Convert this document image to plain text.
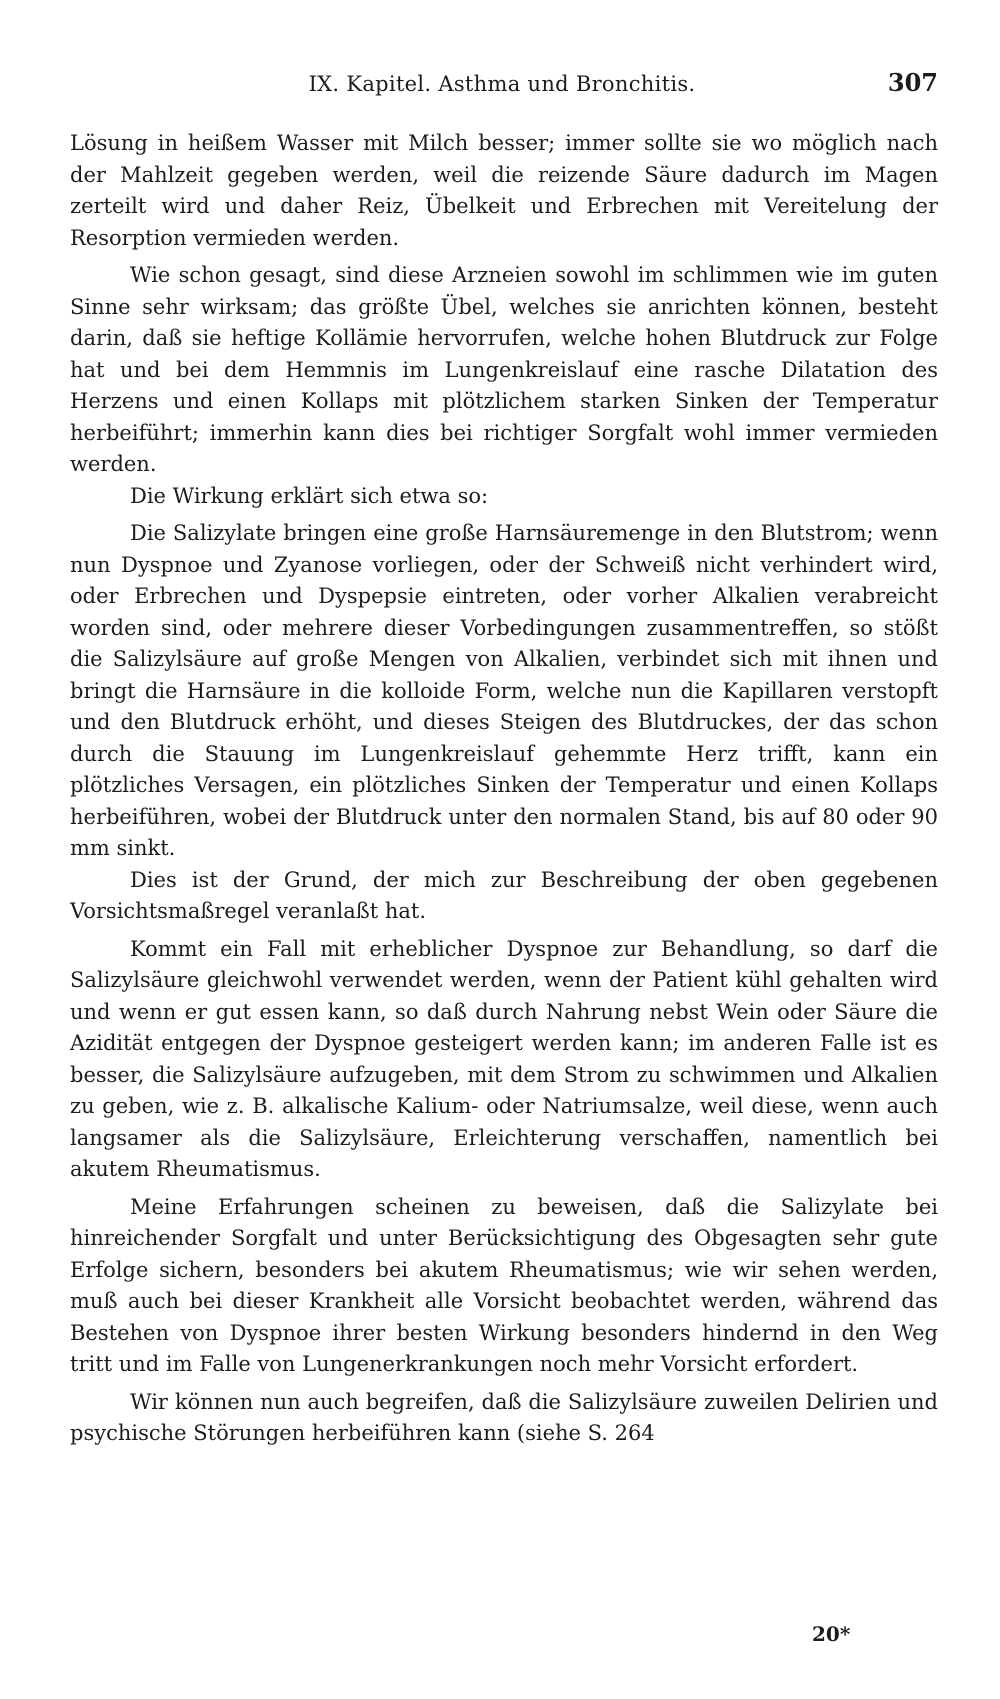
IX. Kapitel. Asthma und Bronchitis.	307

Lösung in heißem Wasser mit Milch besser; immer sollte sie wo möglich nach der Mahlzeit gegeben werden, weil die reizende Säure dadurch im Magen zerteilt wird und daher Reiz, Übelkeit und Erbrechen mit Vereitelung der Resorption vermieden werden.

Wie schon gesagt, sind diese Arzneien sowohl im schlimmen wie im guten Sinne sehr wirksam; das größte Übel, welches sie anrichten können, besteht darin, daß sie heftige Kollämie hervorrufen, welche hohen Blutdruck zur Folge hat und bei dem Hemmnis im Lungenkreislauf eine rasche Dilatation des Herzens und einen Kollaps mit plötzlichem starken Sinken der Temperatur herbeiführt; immerhin kann dies bei richtiger Sorgfalt wohl immer vermieden werden.

Die Wirkung erklärt sich etwa so:

Die Salizylate bringen eine große Harnsäuremenge in den Blutstrom; wenn nun Dyspnoe und Zyanose vorliegen, oder der Schweiß nicht verhindert wird, oder Erbrechen und Dyspepsie eintreten, oder vorher Alkalien verabreicht worden sind, oder mehrere dieser Vorbedingungen zusammentreffen, so stößt die Salizylsäure auf große Mengen von Alkalien, verbindet sich mit ihnen und bringt die Harnsäure in die kolloide Form, welche nun die Kapillaren verstopft und den Blutdruck erhöht, und dieses Steigen des Blutdruckes, der das schon durch die Stauung im Lungenkreislauf gehemmte Herz trifft, kann ein plötzliches Versagen, ein plötzliches Sinken der Temperatur und einen Kollaps herbeiführen, wobei der Blutdruck unter den normalen Stand, bis auf 80 oder 90 mm sinkt.

Dies ist der Grund, der mich zur Beschreibung der oben gegebenen Vorsichtsmaßregel veranlaßt hat.

Kommt ein Fall mit erheblicher Dyspnoe zur Behandlung, so darf die Salizylsäure gleichwohl verwendet werden, wenn der Patient kühl gehalten wird und wenn er gut essen kann, so daß durch Nahrung nebst Wein oder Säure die Azidität entgegen der Dyspnoe gesteigert werden kann; im anderen Falle ist es besser, die Salizylsäure aufzugeben, mit dem Strom zu schwimmen und Alkalien zu geben, wie z. B. alkalische Kalium- oder Natriumsalze, weil diese, wenn auch langsamer als die Salizylsäure, Erleichterung verschaffen, namentlich bei akutem Rheumatismus.

Meine Erfahrungen scheinen zu beweisen, daß die Salizylate bei hinreichender Sorgfalt und unter Berücksichtigung des Obgesagten sehr gute Erfolge sichern, besonders bei akutem Rheumatismus; wie wir sehen werden, muß auch bei dieser Krankheit alle Vorsicht beobachtet werden, während das Bestehen von Dyspnoe ihrer besten Wirkung besonders hindernd in den Weg tritt und im Falle von Lungenerkrankungen noch mehr Vorsicht erfordert.

Wir können nun auch begreifen, daß die Salizylsäure zuweilen Delirien und psychische Störungen herbeiführen kann (siehe S. 264

20*
